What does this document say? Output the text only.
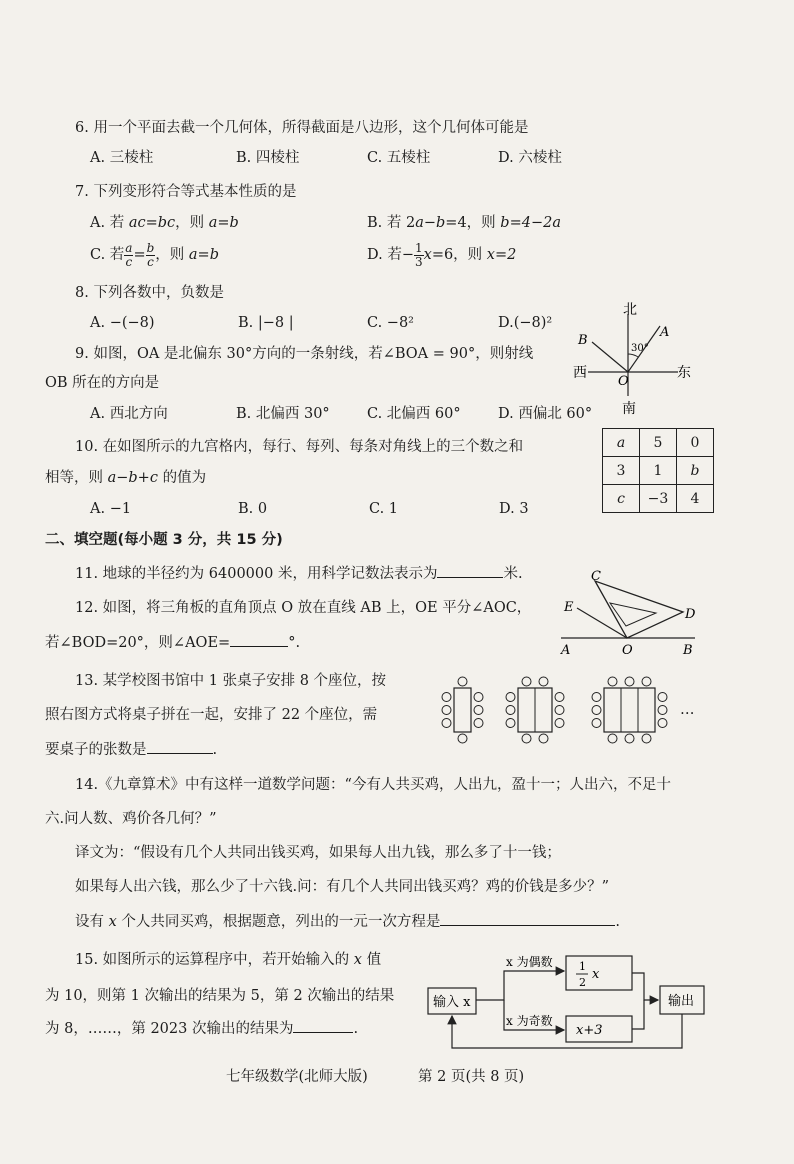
6. 用一个平面去截一个几何体，所得截面是八边形，这个几何体可能是
A. 三棱柱	B. 四棱柱	C. 五棱柱	D. 六棱柱
7. 下列变形符合等式基本性质的是
A. 若 ac=bc，则 a=b	B. 若 2a−b=4，则 b=4−2a
C. 若 $\frac{a}{c} = \frac{b}{c}$ ，则 a=b	D. 若− $\frac{1}{3} x=6$，则 x=2
8. 下列各数中，负数是
A. −(−8)	B. |−8 |	C. −8²	D.(−8)²
9. 如图，OA 是北偏东 30°方向的一条射线，若∠BOA = 90°，则射线
OB 所在的方向是
A. 西北方向	B. 北偏西 30°	C. 北偏西 60°	D. 西偏北 60°
北
南
东
西
30°
A
B
O
10. 在如图所示的九宫格内，每行、每列、每条对角线上的三个数之和
相等，则 a−b+c 的值为
A. −1	B. 0	C. 1	D. 3
a	5	0
3	1	b
c	−3	4
二、填空题(每小题 3 分，共 15 分)
11. 地球的半径约为 6400000 米，用科学记数法表示为	米.
12. 如图，将三角板的直角顶点 O 放在直线 AB 上，OE 平分∠AOC，
若∠BOD=20°，则∠AOE=	°.
C
E	D
A	O	B
13. 某学校图书馆中 1 张桌子安排 8 个座位，按
照右图方式将桌子拼在一起，安排了 22 个座位，需
要桌子的张数是	.
…
14.《九章算术》中有这样一道数学问题：“今有人共买鸡，人出九，盈十一；人出六，不足十
六.问人数、鸡价各几何？”
译文为：“假设有几个人共同出钱买鸡，如果每人出九钱，那么多了十一钱；
如果每人出六钱，那么少了十六钱.问：有几个人共同出钱买鸡？鸡的价钱是多少？”
设有 x 个人共同买鸡，根据题意，列出的一元一次方程是	.
15. 如图所示的运算程序中，若开始输入的 x 值
为 10，则第 1 次输出的结果为 5，第 2 次输出的结果
为 8，……，第 2023 次输出的结果为	.
输入 x
x 为偶数
x 为奇数
1
2
x
x+3
输出
七年级数学(北师大版)	第 2 页(共 8 页)
